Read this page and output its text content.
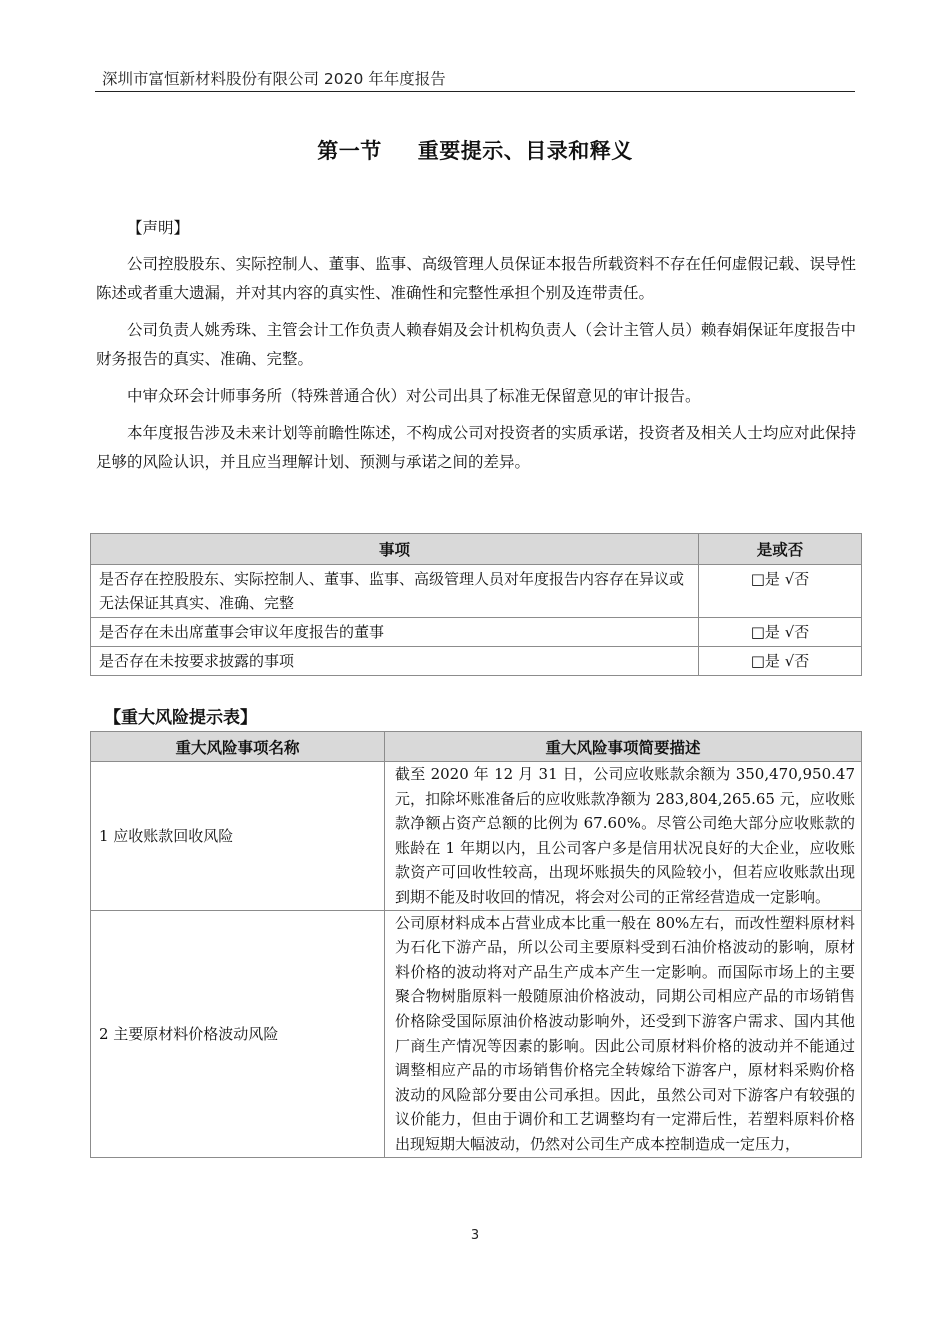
深圳市富恒新材料股份有限公司 2020 年年度报告
第一节 重要提示、目录和释义

【声明】

公司控股股东、实际控制人、董事、监事、高级管理人员保证本报告所载资料不存在任何虚假记载、误导性陈述或者重大遗漏，并对其内容的真实性、准确性和完整性承担个别及连带责任。

公司负责人姚秀珠、主管会计工作负责人赖春娟及会计机构负责人（会计主管人员）赖春娟保证年度报告中财务报告的真实、准确、完整。

中审众环会计师事务所（特殊普通合伙）对公司出具了标准无保留意见的审计报告。

本年度报告涉及未来计划等前瞻性陈述，不构成公司对投资者的实质承诺，投资者及相关人士均应对此保持足够的风险认识，并且应当理解计划、预测与承诺之间的差异。

事项	是或否
是否存在控股股东、实际控制人、董事、监事、高级管理人员对年度报告内容存在异议或无法保证其真实、准确、完整	□是 √否
是否存在未出席董事会审议年度报告的董事	□是 √否
是否存在未按要求披露的事项	□是 √否
【重大风险提示表】
重大风险事项名称	重大风险事项简要描述
1 应收账款回收风险	截至 2020 年 12 月 31 日，公司应收账款余额为 350,470,950.47 元，扣除坏账准备后的应收账款净额为 283,804,265.65 元，应收账款净额占资产总额的比例为 67.60%。尽管公司绝大部分应收账款的账龄在 1 年期以内，且公司客户多是信用状况良好的大企业，应收账款资产可回收性较高，出现坏账损失的风险较小，但若应收账款出现到期不能及时收回的情况，将会对公司的正常经营造成一定影响。
2 主要原材料价格波动风险	公司原材料成本占营业成本比重一般在 80%左右，而改性塑料原材料为石化下游产品，所以公司主要原料受到石油价格波动的影响，原材料价格的波动将对产品生产成本产生一定影响。而国际市场上的主要聚合物树脂原料一般随原油价格波动，同期公司相应产品的市场销售价格除受国际原油价格波动影响外，还受到下游客户需求、国内其他厂商生产情况等因素的影响。因此公司原材料价格的波动并不能通过调整相应产品的市场销售价格完全转嫁给下游客户，原材料采购价格波动的风险部分要由公司承担。因此，虽然公司对下游客户有较强的议价能力，但由于调价和工艺调整均有一定滞后性，若塑料原料价格出现短期大幅波动，仍然对公司生产成本控制造成一定压力，
3
